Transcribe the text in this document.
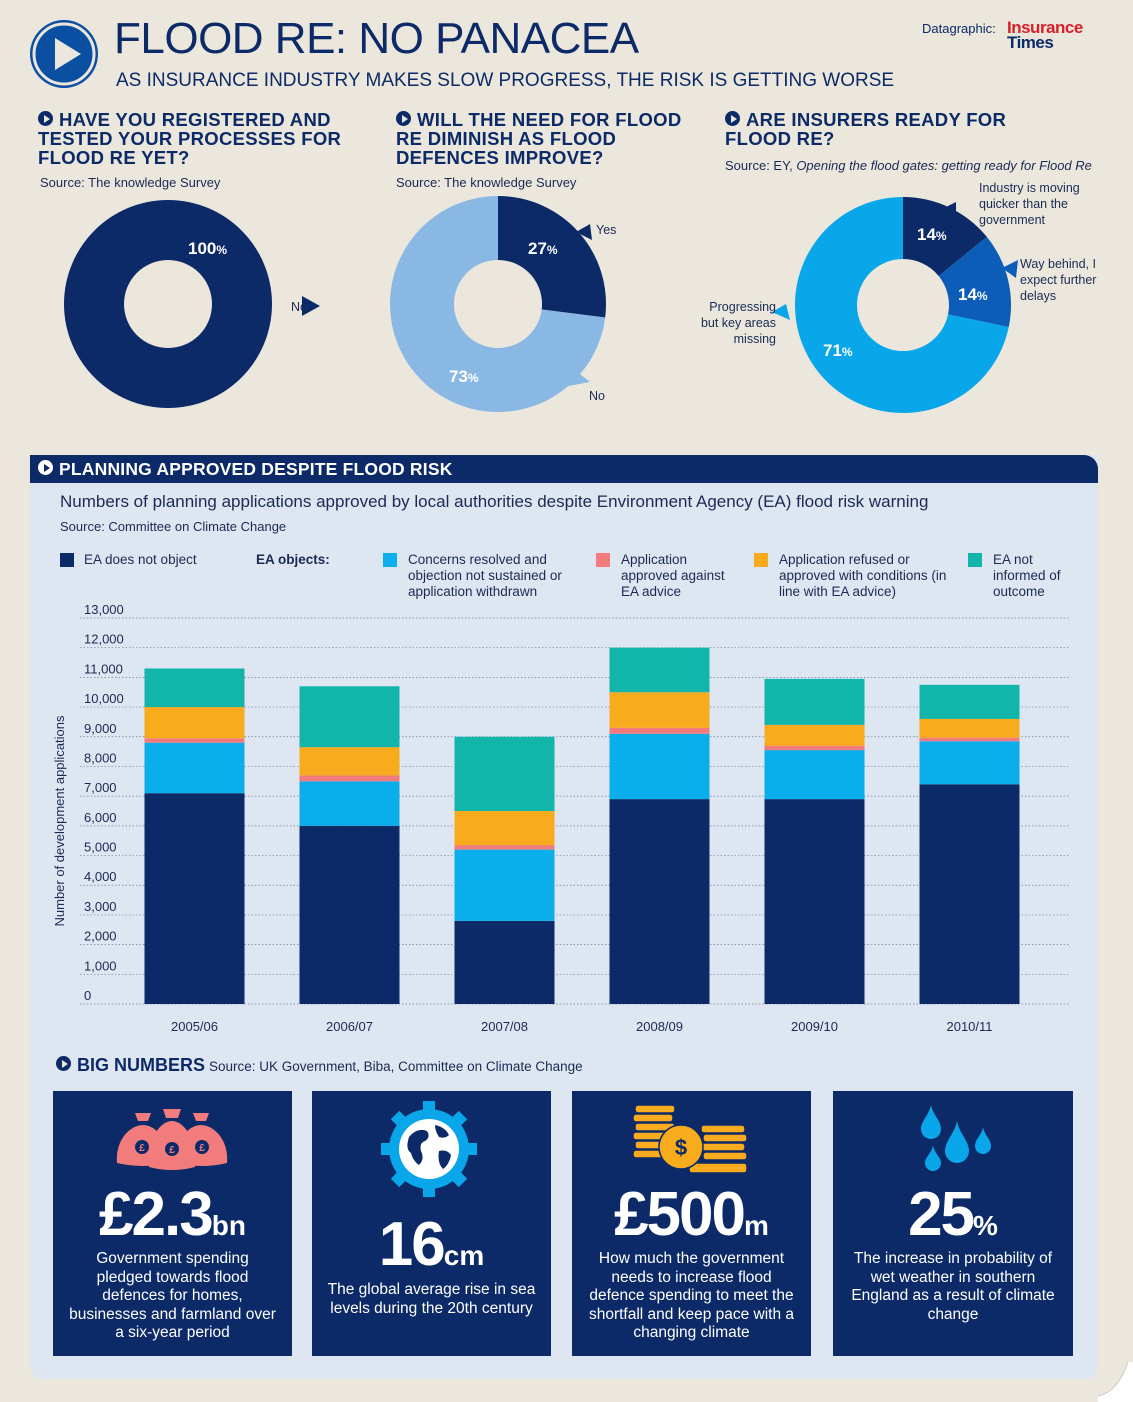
FLOOD RE: NO PANACEA
AS INSURANCE INDUSTRY MAKES SLOW PROGRESS, THE RISK IS GETTING WORSE
Datagraphic: Insurance
Times
HAVE YOU REGISTERED AND TESTED YOUR PROCESSES FOR FLOOD RE YET?
Source: The knowledge Survey
100%
No
WILL THE NEED FOR FLOOD RE DIMINISH AS FLOOD DEFENCES IMPROVE?
Source: The knowledge Survey
27%
73%
Yes
No
ARE INSURERS READY FOR FLOOD RE?
Source: EY, Opening the flood gates: getting ready for Flood Re
14%
14%
71%
Industry is moving quicker than the government
Way behind, I expect further delays
Progressing but key areas missing
PLANNING APPROVED DESPITE FLOOD RISK
Numbers of planning applications approved by local authorities despite Environment Agency (EA) flood risk warning
Source: Committee on Climate Change
EA does not object	EA objects:	Concerns resolved and objection not sustained or application withdrawn
Application approved against EA advice
Application refused or approved with conditions (in line with EA advice)
EA not informed of outcome
0
1,000
2,000
3,000
4,000
5,000
6,000
7,000
8,000
9,000
10,000
11,000
12,000
13,000
Number of development applications
2005/06	2006/07	2007/08	2008/09	2009/10	2010/11
BIG NUMBERS Source: UK Government, Biba, Committee on Climate Change
£ £ £
£2.3bn
Government spending pledged towards flood defences for homes, businesses and farmland over a six-year period
16cm
The global average rise in sea levels during the 20th century
$
£500m
How much the government needs to increase flood defence spending to meet the shortfall and keep pace with a changing climate
25%
The increase in probability of wet weather in southern England as a result of climate change
